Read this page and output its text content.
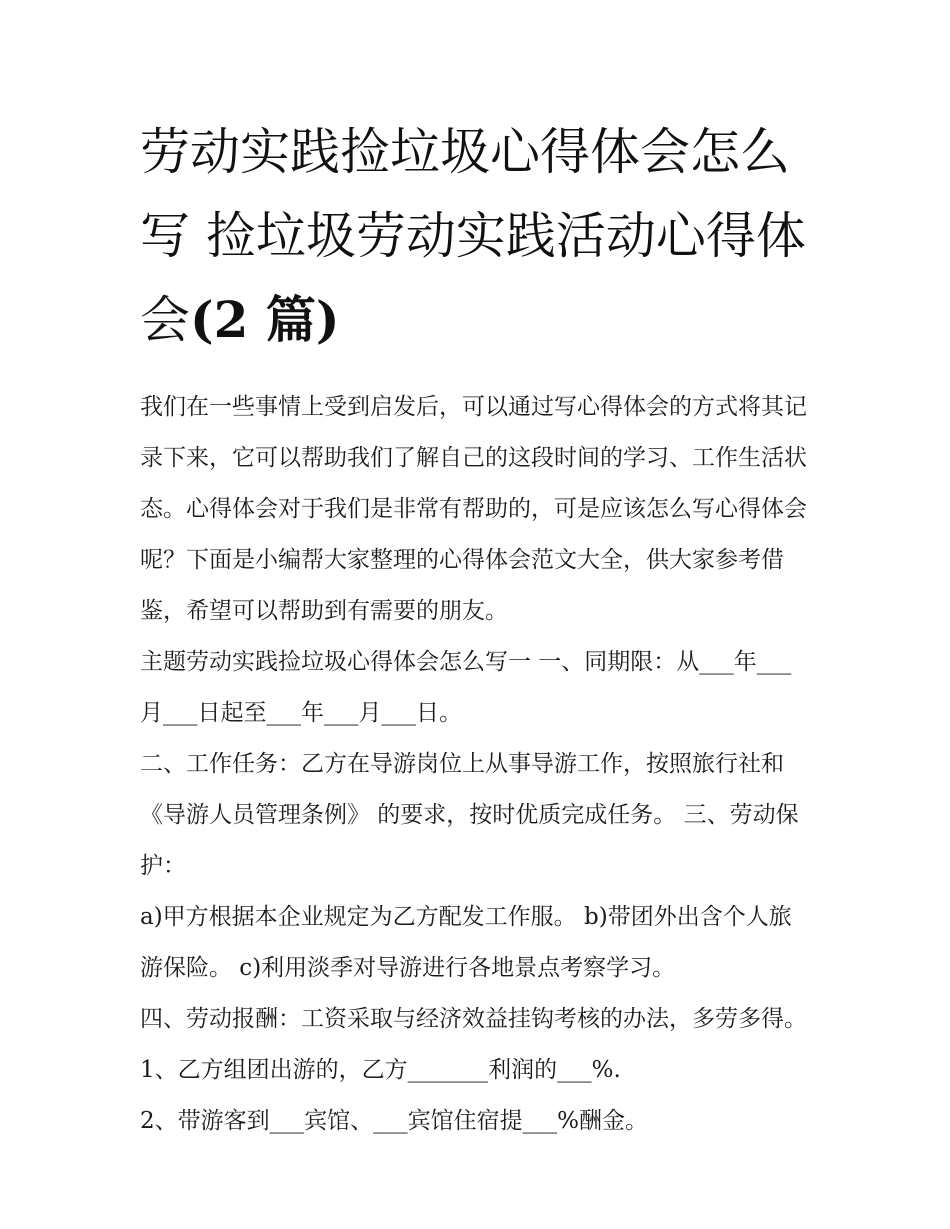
劳动实践捡垃圾心得体会怎么
写 捡垃圾劳动实践活动心得体
会(2 篇)

我们在一些事情上受到启发后，可以通过写心得体会的方式将其记录下来，它可以帮助我们了解自己的这段时间的学习、工作生活状态。心得体会对于我们是非常有帮助的，可是应该怎么写心得体会呢？下面是小编帮大家整理的心得体会范文大全，供大家参考借鉴，希望可以帮助到有需要的朋友。

主题劳动实践捡垃圾心得体会怎么写一 一、同期限：从___年___月___日起至___年___月___日。

二、工作任务：乙方在导游岗位上从事导游工作，按照旅行社和《导游人员管理条例》 的要求，按时优质完成任务。 三、劳动保护：

a)甲方根据本企业规定为乙方配发工作服。 b)带团外出含个人旅游保险。 c)利用淡季对导游进行各地景点考察学习。

四、劳动报酬：工资采取与经济效益挂钩考核的办法，多劳多得。 1、乙方组团出游的，乙方_______利润的___%.

2、带游客到___宾馆、___宾馆住宿提___%酬金。
